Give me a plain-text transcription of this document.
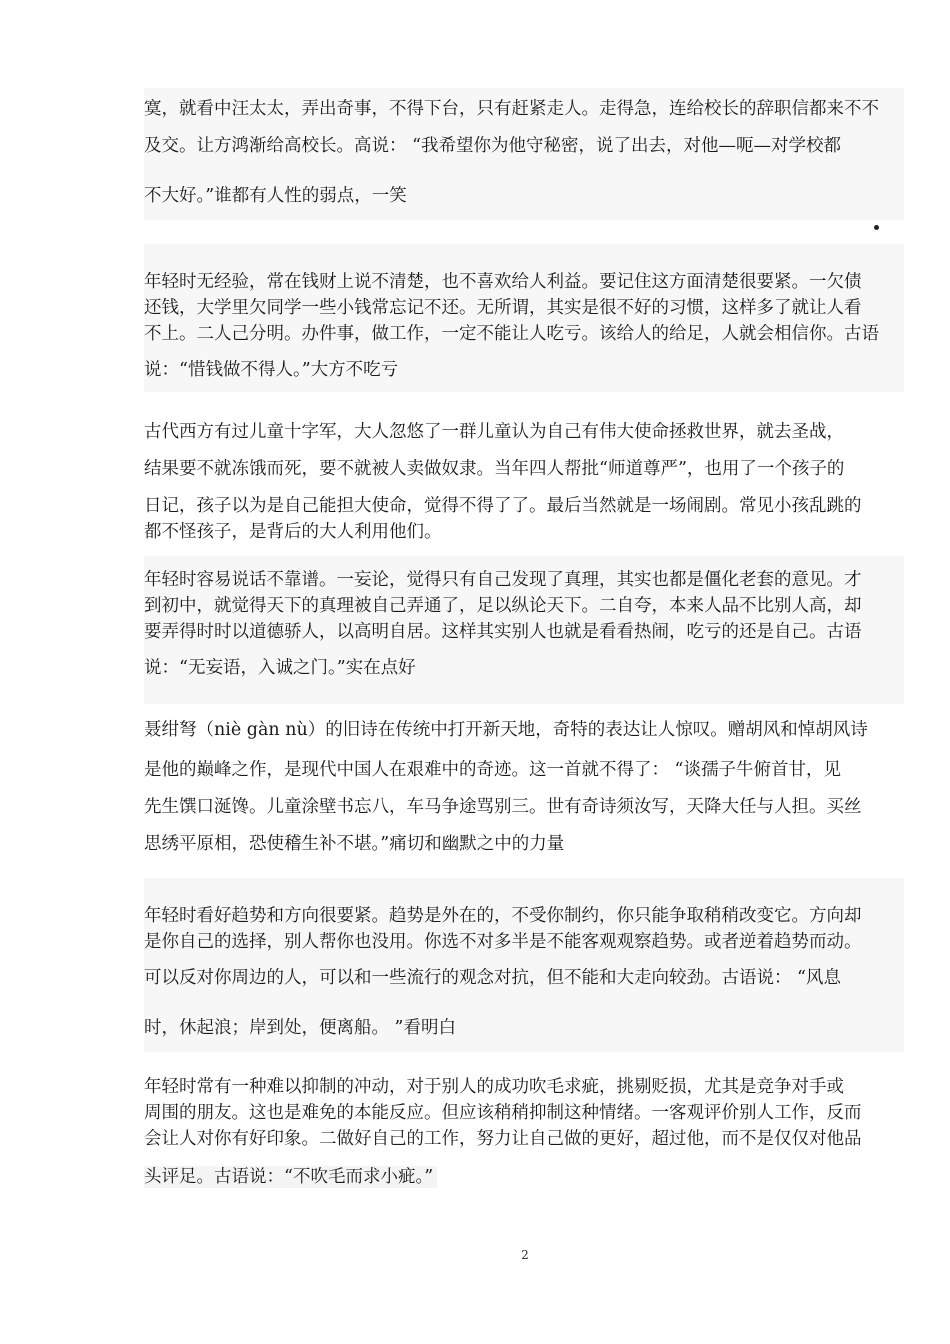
寞，就看中汪太太，弄出奇事，不得下台，只有赶紧走人。走得急，连给校长的辞职信都来不不
及交。让方鸿渐给高校长。高说： “我希望你为他守秘密，说了出去，对他—呃—对学校都
不大好。”谁都有人性的弱点，一笑
年轻时无经验，常在钱财上说不清楚，也不喜欢给人利益。要记住这方面清楚很要紧。一欠债
还钱，大学里欠同学一些小钱常忘记不还。无所谓，其实是很不好的习惯，这样多了就让人看
不上。二人己分明。办件事，做工作，一定不能让人吃亏。该给人的给足，人就会相信你。古语
说：“惜钱做不得人。”大方不吃亏
古代西方有过儿童十字军，大人忽悠了一群儿童认为自己有伟大使命拯救世界，就去圣战，
结果要不就冻饿而死，要不就被人卖做奴隶。当年四人帮批“师道尊严”，也用了一个孩子的
日记，孩子以为是自己能担大使命，觉得不得了了。最后当然就是一场闹剧。常见小孩乱跳的
都不怪孩子，是背后的大人利用他们。
年轻时容易说话不靠谱。一妄论，觉得只有自己发现了真理，其实也都是僵化老套的意见。才
到初中，就觉得天下的真理被自己弄通了，足以纵论天下。二自夸，本来人品不比别人高，却
要弄得时时以道德骄人，以高明自居。这样其实别人也就是看看热闹，吃亏的还是自己。古语
说：“无妄语，入诚之门。”实在点好
聂绀弩（niè gàn nù）的旧诗在传统中打开新天地，奇特的表达让人惊叹。赠胡风和悼胡风诗
是他的巅峰之作，是现代中国人在艰难中的奇迹。这一首就不得了： “谈孺子牛俯首甘，见
先生馔口涎馋。儿童涂壁书忘八，车马争途骂别三。世有奇诗须汝写，天降大任与人担。买丝
思绣平原相，恐使稽生补不堪。”痛切和幽默之中的力量
年轻时看好趋势和方向很要紧。趋势是外在的，不受你制约，你只能争取稍稍改变它。方向却
是你自己的选择，别人帮你也没用。你选不对多半是不能客观观察趋势。或者逆着趋势而动。
可以反对你周边的人，可以和一些流行的观念对抗，但不能和大走向较劲。古语说： “风息
时，休起浪；岸到处，便离船。 ”看明白
年轻时常有一种难以抑制的冲动，对于别人的成功吹毛求疵，挑剔贬损，尤其是竞争对手或
周围的朋友。这也是难免的本能反应。但应该稍稍抑制这种情绪。一客观评价别人工作，反而
会让人对你有好印象。二做好自己的工作，努力让自己做的更好，超过他，而不是仅仅对他品
头评足。古语说：“不吹毛而求小疵。”
2
